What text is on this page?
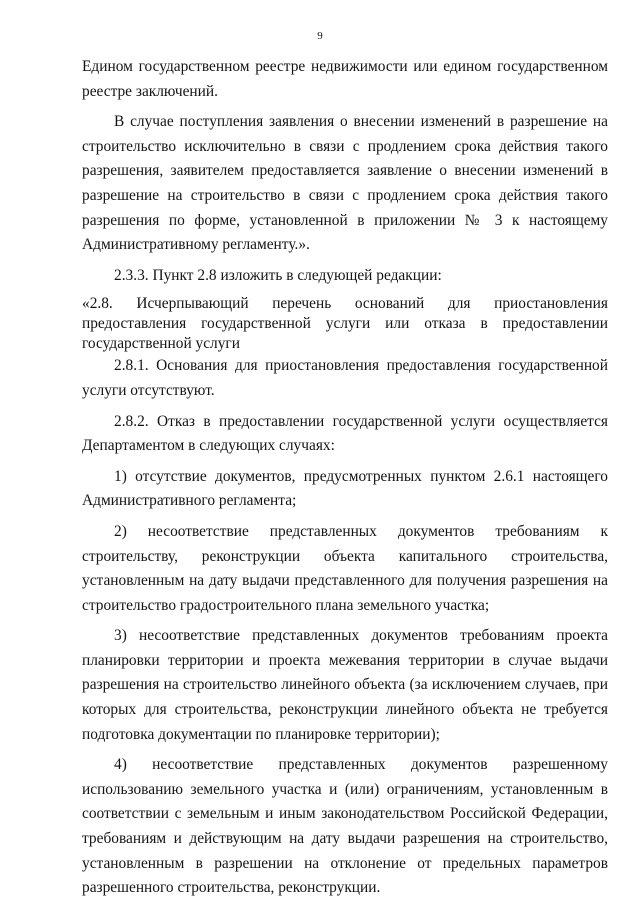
9

Едином государственном реестре недвижимости или едином государственном реестре заключений.

В случае поступления заявления о внесении изменений в разрешение на строительство исключительно в связи с продлением срока действия такого разрешения, заявителем предоставляется заявление о внесении изменений в разрешение на строительство в связи с продлением срока действия такого разрешения по форме, установленной в приложении № 3 к настоящему Административному регламенту.».

2.3.3. Пункт 2.8 изложить в следующей редакции:

«2.8. Исчерпывающий перечень оснований для приостановления предоставления государственной услуги или отказа в предоставлении государственной услуги

2.8.1. Основания для приостановления предоставления государственной услуги отсутствуют.

2.8.2. Отказ в предоставлении государственной услуги осуществляется Департаментом в следующих случаях:

1) отсутствие документов, предусмотренных пунктом 2.6.1 настоящего Административного регламента;

2) несоответствие представленных документов требованиям к строительству, реконструкции объекта капитального строительства, установленным на дату выдачи представленного для получения разрешения на строительство градостроительного плана земельного участка;

3) несоответствие представленных документов требованиям проекта планировки территории и проекта межевания территории в случае выдачи разрешения на строительство линейного объекта (за исключением случаев, при которых для строительства, реконструкции линейного объекта не требуется подготовка документации по планировке территории);

4) несоответствие представленных документов разрешенному использованию земельного участка и (или) ограничениям, установленным в соответствии с земельным и иным законодательством Российской Федерации, требованиям и действующим на дату выдачи разрешения на строительство, установленным в разрешении на отклонение от предельных параметров разрешенного строительства, реконструкции.
